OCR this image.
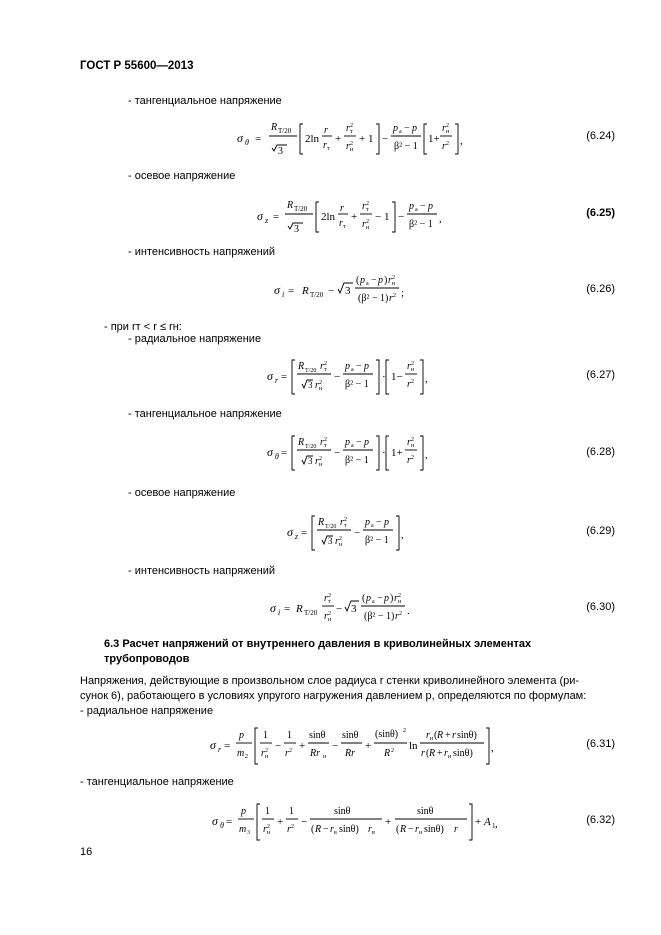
ГОСТ Р 55600—2013
- тангенциальное напряжение
σ θ =
R Т/20
3
2ln
r
r т
+
r 2
т
r 2
н
+ 1 −
p а − p
β² − 1
1+
r 2
н
r 2 ,	(6.24)
- осевое напряжение
σ z =
R Т/20
3
2ln
r
r т
+
r 2
т
r 2
н
− 1 −
p а − p
β² − 1 ,	(6.25)
- интенсивность напряжений
σ i = R Т/20 − 3
( p а − p ) r 2
н
(β² − 1) r 2 ;	(6.26)
- при rт < r ≤ rн:
- радиальное напряжение
σ r =
R Т/20 r 2
т
3 r 2
н
−
p а − p
β² − 1
· 1−
r 2
н
r 2 ,	(6.27)
- тангенциальное напряжение
σ θ =
R Т/20 r 2
т
3 r 2
н
−
p а − p
β² − 1
· 1+
r 2
н
r 2 ,	(6.28)
- осевое напряжение
σ z =
R Т/20 r 2
т
3 r 2
н
−
p а − p
β² − 1 ,	(6.29)
- интенсивность напряжений
σ i = R Т/20
r 2
т
r 2
н
− 3
( p а − p ) r 2
н
(β² − 1) r 2 .	(6.30)
6.3 Расчет напряжений от внутреннего давления в криволинейных элементах
трубопроводов
Напряжения, действующие в произвольном слое радиуса r стенки криволинейного элемента (ри-
сунок 6), работающего в условиях упругого нагружения давлением p, определяются по формулам:
- радиальное напряжение
σ r =
p
m 2
1
r 2
н
−
1
r 2 +
sinθ
Rr н
−
sinθ
Rr
+
(sinθ) 2
R 2 ln
r н ( R + r sinθ)
r ( R + r н sinθ) ,	(6.31)
- тангенциальное напряжение
σ θ =
p
m 3
1
r 2
н
+
1
r 2 −
sinθ
( R − r в sinθ) r в
+
sinθ
( R − r н sinθ) r
+ A 1 ,	(6.32)
16
